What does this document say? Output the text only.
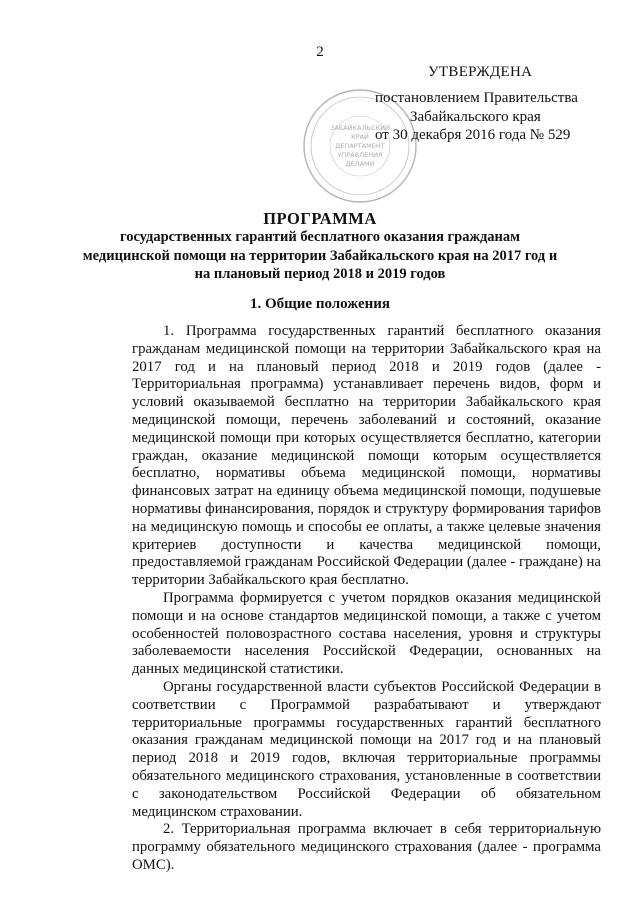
2
УТВЕРЖДЕНА
ЗАБАЙКАЛЬСКИЙ
КРАЙ
ДЕПАРТАМЕНТ
УПРАВЛЕНИЯ
ДЕЛАМИ
постановлением Правительства
Забайкальского края
от 30 декабря 2016 года № 529
ПРОГРАММА
государственных гарантий бесплатного оказания гражданам
медицинской помощи на территории Забайкальского края на 2017 год и
на плановый период 2018 и 2019 годов
1. Общие положения

1. Программа государственных гарантий бесплатного оказания гражданам медицинской помощи на территории Забайкальского края на 2017 год и на плановый период 2018 и 2019 годов (далее - Территориальная программа) устанавливает перечень видов, форм и условий оказываемой бесплатно на территории Забайкальского края медицинской помощи, перечень заболеваний и состояний, оказание медицинской помощи при которых осуществляется бесплатно, категории граждан, оказание медицинской помощи которым осуществляется бесплатно, нормативы объема медицинской помощи, нормативы финансовых затрат на единицу объема медицинской помощи, подушевые нормативы финансирования, порядок и структуру формирования тарифов на медицинскую помощь и способы ее оплаты, а также целевые значения критериев доступности и качества медицинской помощи, предоставляемой гражданам Российской Федерации (далее - граждане) на территории Забайкальского края бесплатно.

Программа формируется с учетом порядков оказания медицинской помощи и на основе стандартов медицинской помощи, а также с учетом особенностей половозрастного состава населения, уровня и структуры заболеваемости населения Российской Федерации, основанных на данных медицинской статистики.

Органы государственной власти субъектов Российской Федерации в соответствии с Программой разрабатывают и утверждают территориальные программы государственных гарантий бесплатного оказания гражданам медицинской помощи на 2017 год и на плановый период 2018 и 2019 годов, включая территориальные программы обязательного медицинского страхования, установленные в соответствии с законодательством Российской Федерации об обязательном медицинском страховании.

2. Территориальная программа включает в себя территориальную программу обязательного медицинского страхования (далее - программа ОМС).
